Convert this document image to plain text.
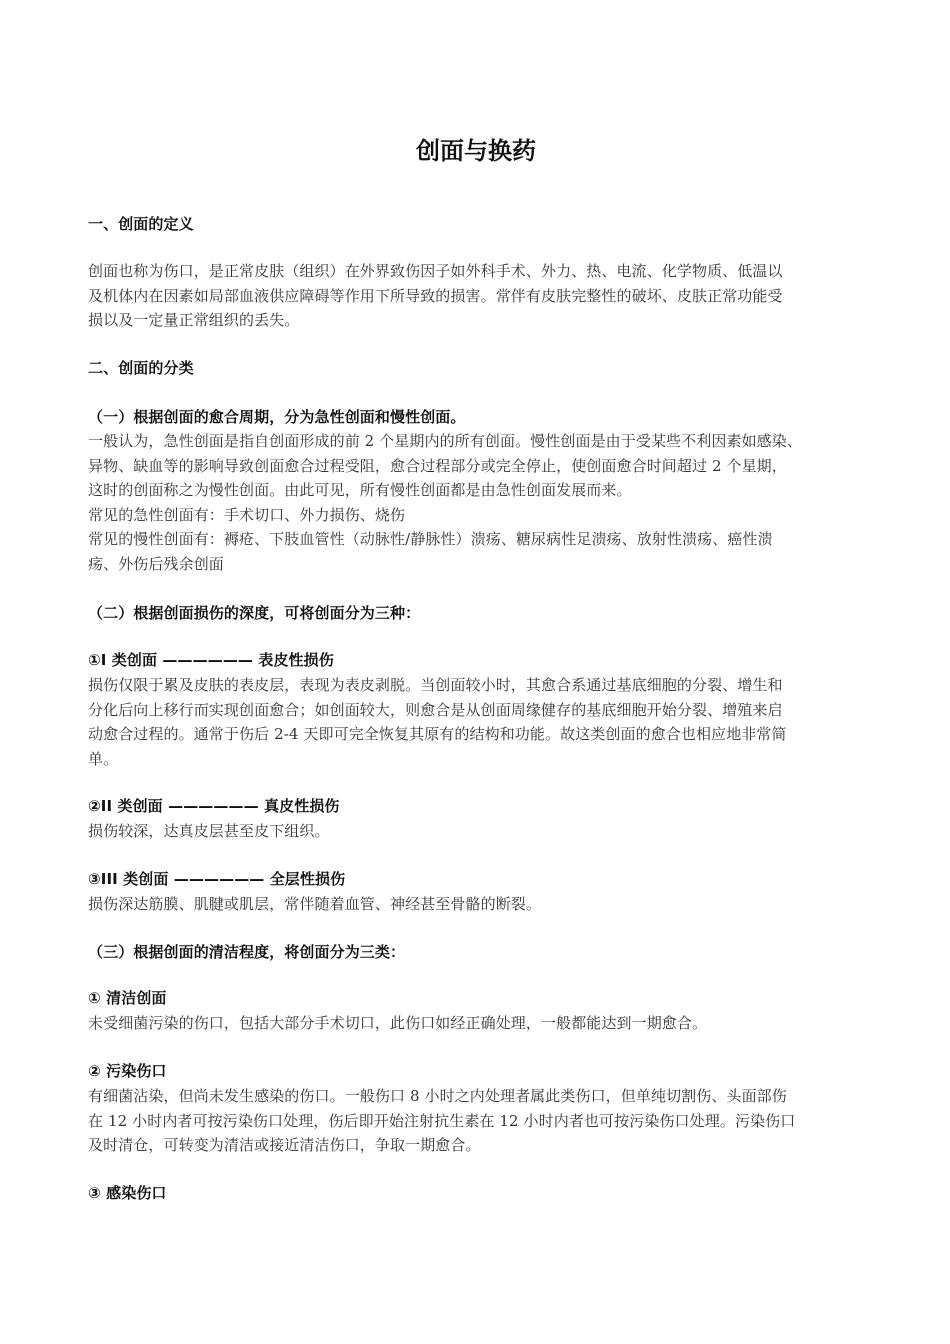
创面与换药
一、创面的定义
创面也称为伤口，是正常皮肤（组织）在外界致伤因子如外科手术、外力、热、电流、化学物质、低温以
及机体内在因素如局部血液供应障碍等作用下所导致的损害。常伴有皮肤完整性的破坏、皮肤正常功能受
损以及一定量正常组织的丢失。
二、创面的分类
（一）根据创面的愈合周期，分为急性创面和慢性创面。
一般认为，急性创面是指自创面形成的前 2 个星期内的所有创面。慢性创面是由于受某些不利因素如感染、
异物、缺血等的影响导致创面愈合过程受阻，愈合过程部分或完全停止，使创面愈合时间超过 2 个星期，
这时的创面称之为慢性创面。由此可见，所有慢性创面都是由急性创面发展而来。
常见的急性创面有：手术切口、外力损伤、烧伤
常见的慢性创面有：褥疮、下肢血管性（动脉性/静脉性）溃疡、糖尿病性足溃疡、放射性溃疡、癌性溃
疡、外伤后残余创面
（二）根据创面损伤的深度，可将创面分为三种：
①I 类创面 —————— 表皮性损伤
损伤仅限于累及皮肤的表皮层，表现为表皮剥脱。当创面较小时，其愈合系通过基底细胞的分裂、增生和
分化后向上移行而实现创面愈合；如创面较大，则愈合是从创面周缘健存的基底细胞开始分裂、增殖来启
动愈合过程的。通常于伤后 2-4 天即可完全恢复其原有的结构和功能。故这类创面的愈合也相应地非常简
单。
②II 类创面 —————— 真皮性损伤
损伤较深，达真皮层甚至皮下组织。
③III 类创面 —————— 全层性损伤
损伤深达筋膜、肌腱或肌层，常伴随着血管、神经甚至骨骼的断裂。
（三）根据创面的清洁程度，将创面分为三类：
① 清洁创面
未受细菌污染的伤口，包括大部分手术切口，此伤口如经正确处理，一般都能达到一期愈合。
② 污染伤口
有细菌沾染，但尚未发生感染的伤口。一般伤口 8 小时之内处理者属此类伤口，但单纯切割伤、头面部伤
在 12 小时内者可按污染伤口处理，伤后即开始注射抗生素在 12 小时内者也可按污染伤口处理。污染伤口
及时清仓，可转变为清洁或接近清洁伤口，争取一期愈合。
③ 感染伤口
